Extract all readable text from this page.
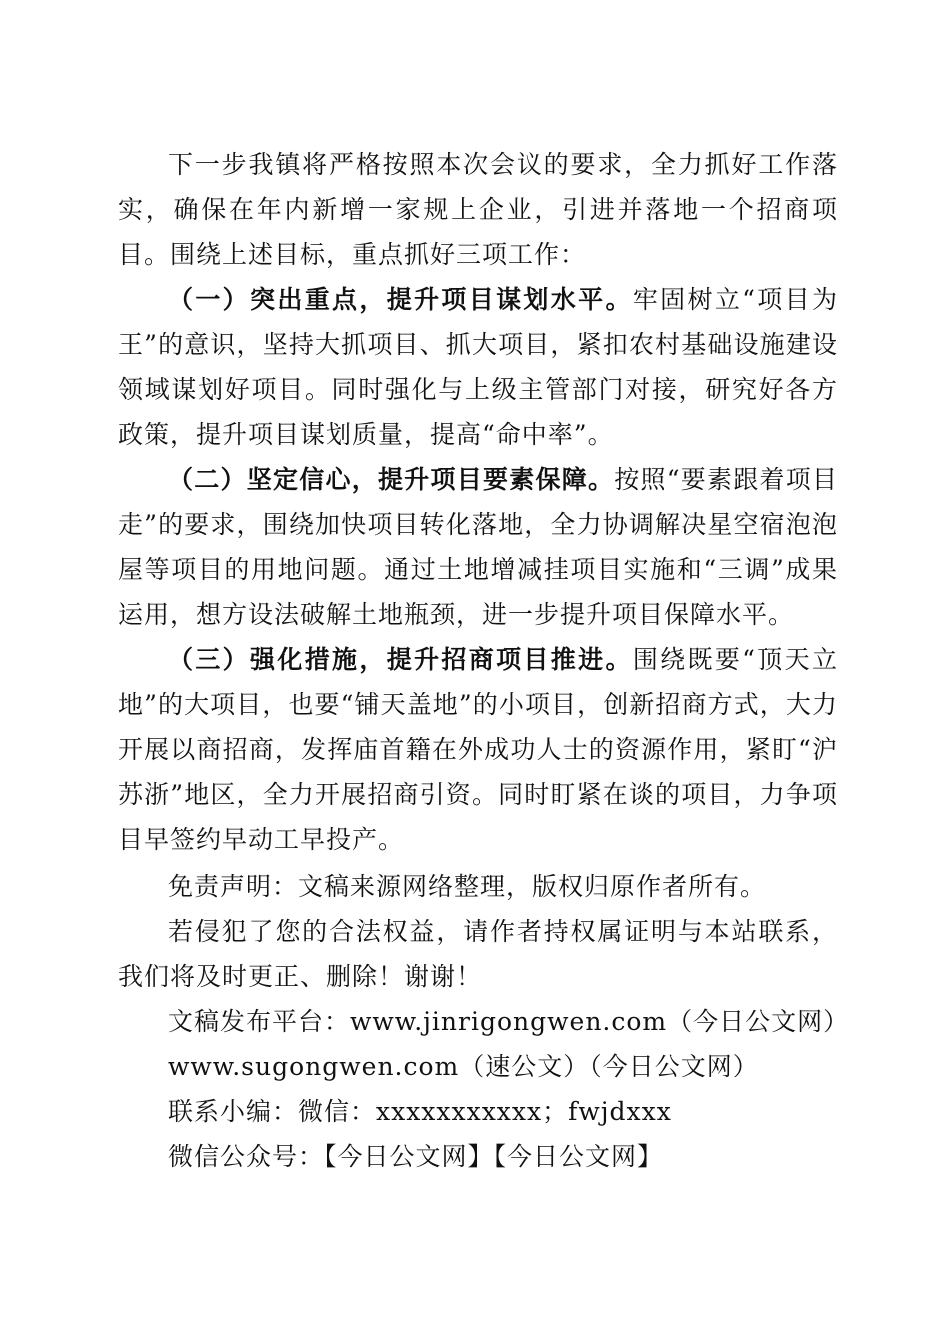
下一步我镇将严格按照本次会议的要求，全力抓好工作落实，确保在年内新增一家规上企业，引进并落地一个招商项目。围绕上述目标，重点抓好三项工作：

（一）突出重点，提升项目谋划水平。牢固树立“项目为王”的意识，坚持大抓项目、抓大项目，紧扣农村基础设施建设领域谋划好项目。同时强化与上级主管部门对接，研究好各方政策，提升项目谋划质量，提高“命中率”。

（二）坚定信心，提升项目要素保障。按照“要素跟着项目走”的要求，围绕加快项目转化落地，全力协调解决星空宿泡泡屋等项目的用地问题。通过土地增减挂项目实施和“三调”成果运用，想方设法破解土地瓶颈，进一步提升项目保障水平。

（三）强化措施，提升招商项目推进。围绕既要“顶天立地”的大项目，也要“铺天盖地”的小项目，创新招商方式，大力开展以商招商，发挥庙首籍在外成功人士的资源作用，紧盯“沪苏浙”地区，全力开展招商引资。同时盯紧在谈的项目，力争项目早签约早动工早投产。

免责声明：文稿来源网络整理，版权归原作者所有。

若侵犯了您的合法权益，请作者持权属证明与本站联系，我们将及时更正、删除！谢谢！

文稿发布平台：www.jinrigongwen.com（今日公文网）

www.sugongwen.com（速公文）（今日公文网）

联系小编：微信：xxxxxxxxxxx；fwjdxxx

微信公众号：【今日公文网】【今日公文网】
